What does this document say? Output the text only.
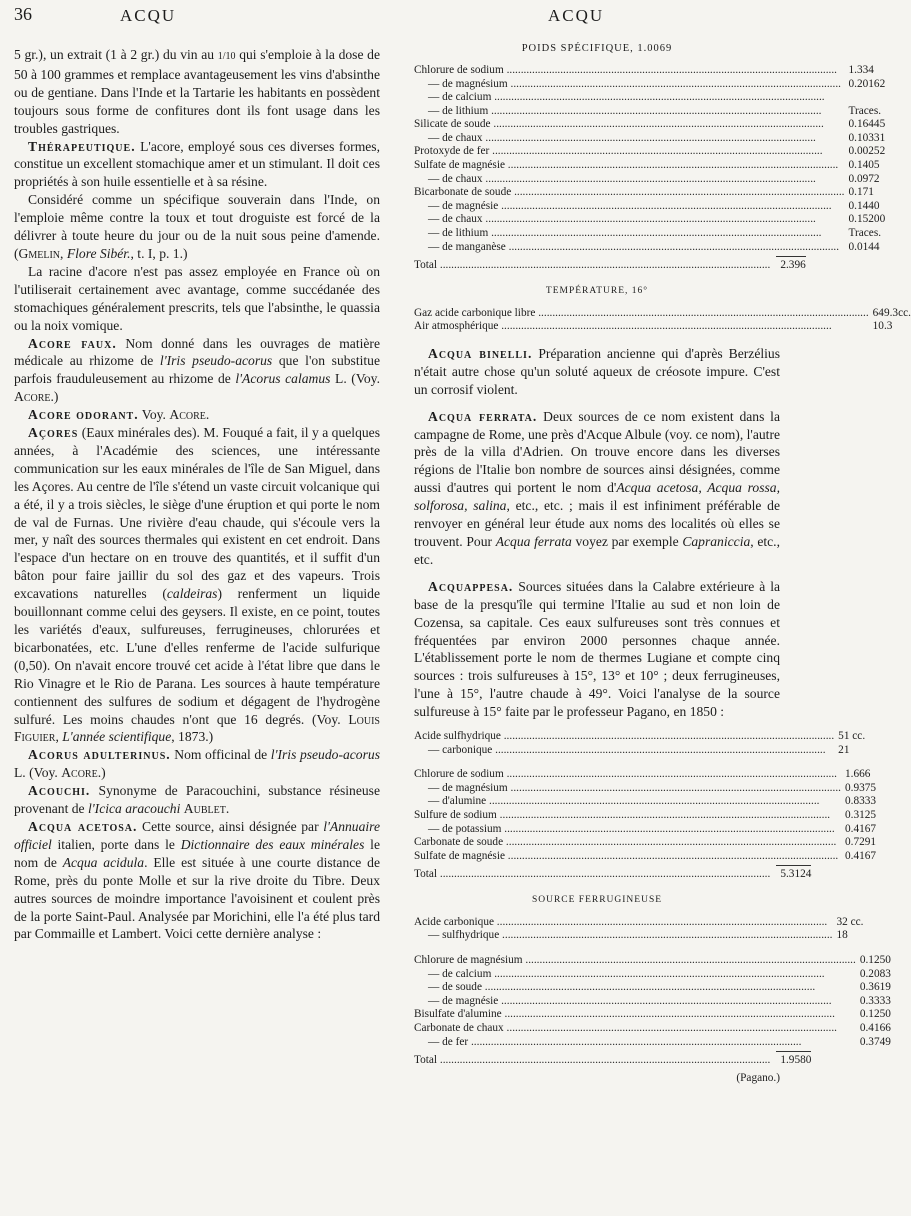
36	ACQU	ACQU

5 gr.), un extrait (1 à 2 gr.) du vin au 1/10 qui s'emploie à la dose de 50 à 100 grammes et remplace avantageusement les vins d'absinthe ou de gentiane. Dans l'Inde et la Tartarie les habitants en possèdent toujours sous forme de confitures dont ils font usage dans les troubles gastriques.

Thérapeutique. L'acore, employé sous ces diverses formes, constitue un excellent stomachique amer et un stimulant. Il doit ces propriétés à son huile essentielle et à sa résine.

Considéré comme un spécifique souverain dans l'Inde, on l'emploie même contre la toux et tout droguiste est forcé de la délivrer à toute heure du jour ou de la nuit sous peine d'amende. (Gmelin, Flore Sibér., t. I, p. 1.)

La racine d'acore n'est pas assez employée en France où on l'utiliserait certainement avec avantage, comme succédanée des stomachiques généralement prescrits, tels que l'absinthe, le quassia ou la noix vomique.

Acore faux. Nom donné dans les ouvrages de matière médicale au rhizome de l'Iris pseudo-acorus que l'on substitue parfois frauduleusement au rhizome de l'Acorus calamus L. (Voy. Acore.)

Acore odorant. Voy. Acore.

Açores (Eaux minérales des). M. Fouqué a fait, il y a quelques années, à l'Académie des sciences, une intéressante communication sur les eaux minérales de l'île de San Miguel, dans les Açores. Au centre de l'île s'étend un vaste circuit volcanique qui a été, il y a trois siècles, le siège d'une éruption et qui porte le nom de val de Furnas. Une rivière d'eau chaude, qui s'écoule vers la mer, y naît des sources thermales qui existent en cet endroit. Dans l'espace d'un hectare on en trouve des quantités, et il suffit d'un bâton pour faire jaillir du sol des gaz et des vapeurs. Trois excavations naturelles (caldeiras) renferment un liquide bouillonnant comme celui des geysers. Il existe, en ce point, toutes les variétés d'eaux, sulfureuses, ferrugineuses, chlorurées et bicarbonatées, etc. L'une d'elles renferme de l'acide sulfurique (0,50). On n'avait encore trouvé cet acide à l'état libre que dans le Rio Vinagre et le Rio de Parana. Les sources à haute température contiennent des sulfures de sodium et dégagent de l'hydrogène sulfuré. Les moins chaudes n'ont que 16 degrés. (Voy. Louis Figuier, L'année scientifique, 1873.)

Acorus adulterinus. Nom officinal de l'Iris pseudo-acorus L. (Voy. Acore.)

Acouchi. Synonyme de Paracouchini, substance résineuse provenant de l'Icica aracouchi Aublet.

Acqua acetosa. Cette source, ainsi désignée par l'Annuaire officiel italien, porte dans le Dictionnaire des eaux minérales le nom de Acqua acidula. Elle est située à une courte distance de Rome, près du ponte Molle et sur la rive droite du Tibre. Deux autres sources de moindre importance l'avoisinent et coulent près de la porte Saint-Paul. Analysée par Morichini, elle l'a été plus tard par Commaille et Lambert. Voici cette dernière analyse :

POIDS SPÉCIFIQUE, 1.0069
Chlorure de sodium .....	1.334
— de magnésium .....	0.20162
— de calcium .....	
— de lithium .....	Traces.
Silicate de soude .....	0.16445
— de chaux .....	0.10331
Protoxyde de fer .....	0.00252
Sulfate de magnésie .....	0.1405
— de chaux .....	0.0972
Bicarbonate de soude .....	0.171
— de magnésie .....	0.1440
— de chaux .....	0.15200
— de lithium .....	Traces.
— de manganèse .....	0.0144
Total .....	2.396
TEMPÉRATURE, 16°
Gaz acide carbonique libre .....	649.3cc.
Air atmosphérique .....	10.3

Acqua binelli. Préparation ancienne qui d'après Berzélius n'était autre chose qu'un soluté aqueux de créosote impure. C'est un corrosif violent.

Acqua ferrata. Deux sources de ce nom existent dans la campagne de Rome, une près d'Acque Albule (voy. ce nom), l'autre près de la villa d'Adrien. On trouve encore dans les diverses régions de l'Italie bon nombre de sources ainsi désignées, comme aussi d'autres qui portent le nom d'Acqua acetosa, Acqua rossa, solforosa, salina, etc., etc. ; mais il est infiniment préférable de renvoyer en général leur étude aux noms des localités où elles se trouvent. Pour Acqua ferrata voyez par exemple Capranicciа, etc., etc.

Acquappesa. Sources situées dans la Calabre extérieure à la base de la presqu'île qui termine l'Italie au sud et non loin de Cozensa, sa capitale. Ces eaux sulfureuses sont très connues et fréquentées par environ 2000 personnes chaque année. L'établissement porte le nom de thermes Lugiane et compte cinq sources : trois sulfureuses à 15°, 13° et 10° ; deux ferrugineuses, l'une à 15°, l'autre chaude à 49°. Voici l'analyse de la source sulfureuse à 15° faite par le professeur Pagano, en 1850 :

Acide sulfhydrique .....	51 cc.
— carbonique .....	21
Chlorure de sodium .....	1.666
— de magnésium .....	0.9375
— d'alumine .....	0.8333
Sulfure de sodium .....	0.3125
— de potassium .....	0.4167
Carbonate de soude .....	0.7291
Sulfate de magnésie .....	0.4167
Total .....	5.3124
SOURCE FERRUGINEUSE
Acide carbonique .....	32 cc.
— sulfhydrique .....	18
Chlorure de magnésium .....	0.1250
— de calcium .....	0.2083
— de soude .....	0.3619
— de magnésie .....	0.3333
Bisulfate d'alumine .....	0.1250
Carbonate de chaux .....	0.4166
— de fer .....	0.3749
Total .....	1.9580
(Pagano.)
